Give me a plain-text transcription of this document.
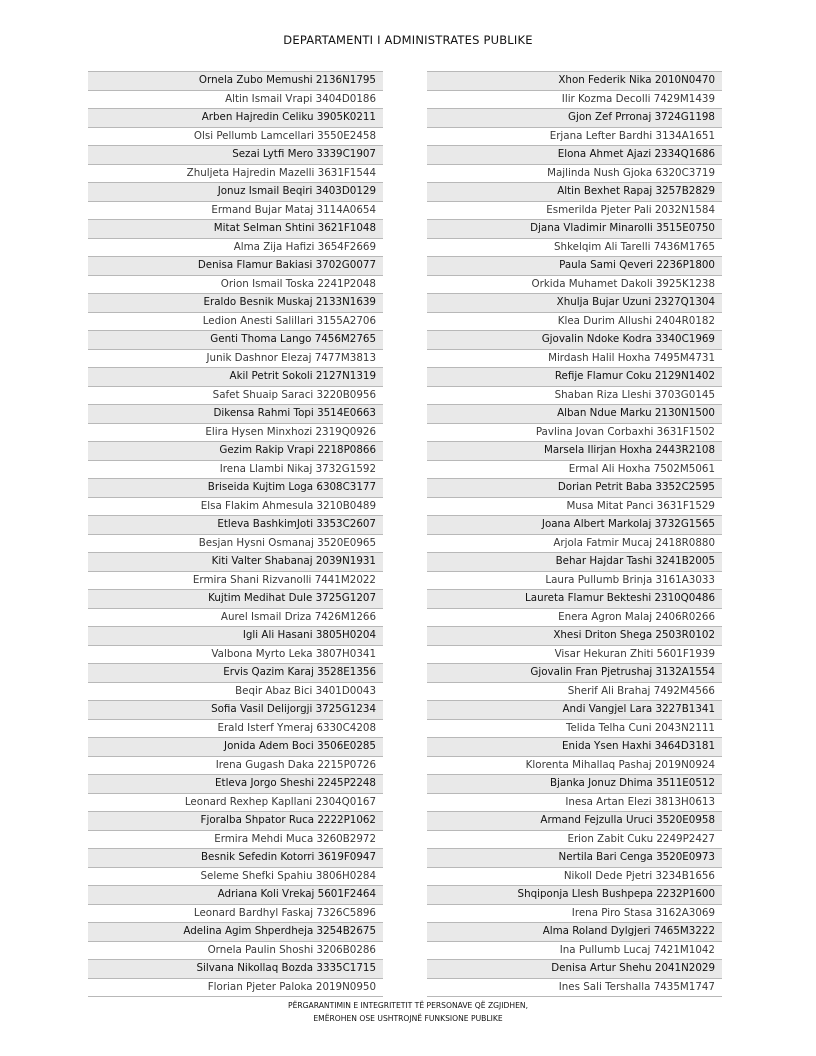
DEPARTAMENTI I ADMINISTRATES PUBLIKE
Ornela Zubo Memushi 2136N1795
Altin Ismail Vrapi 3404D0186
Arben Hajredin Celiku 3905K0211
Olsi Pellumb Lamcellari 3550E2458
Sezai Lytfi Mero 3339C1907
Zhuljeta Hajredin Mazelli 3631F1544
Jonuz Ismail Beqiri 3403D0129
Ermand Bujar Mataj 3114A0654
Mitat Selman Shtini 3621F1048
Alma Zija Hafizi 3654F2669
Denisa Flamur Bakiasi 3702G0077
Orion Ismail Toska 2241P2048
Eraldo Besnik Muskaj 2133N1639
Ledion Anesti Salillari 3155A2706
Genti Thoma Lango 7456M2765
Junik Dashnor Elezaj 7477M3813
Akil Petrit Sokoli 2127N1319
Safet Shuaip Saraci 3220B0956
Dikensa Rahmi Topi 3514E0663
Elira Hysen Minxhozi 2319Q0926
Gezim Rakip Vrapi 2218P0866
Irena Llambi Nikaj 3732G1592
Briseida Kujtim Loga 6308C3177
Elsa Flakim Ahmesula 3210B0489
Etleva BashkimJoti 3353C2607
Besjan Hysni Osmanaj 3520E0965
Kiti Valter Shabanaj 2039N1931
Ermira Shani Rizvanolli 7441M2022
Kujtim Medihat Dule 3725G1207
Aurel Ismail Driza 7426M1266
Igli Ali Hasani 3805H0204
Valbona Myrto Leka 3807H0341
Ervis Qazim Karaj 3528E1356
Beqir Abaz Bici 3401D0043
Sofia Vasil Delijorgji 3725G1234
Erald Isterf Ymeraj 6330C4208
Jonida Adem Boci 3506E0285
Irena Gugash Daka 2215P0726
Etleva Jorgo Sheshi 2245P2248
Leonard Rexhep Kapllani 2304Q0167
Fjoralba Shpator Ruca 2222P1062
Ermira Mehdi Muca 3260B2972
Besnik Sefedin Kotorri 3619F0947
Seleme Shefki Spahiu 3806H0284
Adriana Koli Vrekaj 5601F2464
Leonard Bardhyl Faskaj 7326C5896
Adelina Agim Shperdheja 3254B2675
Ornela Paulin Shoshi 3206B0286
Silvana Nikollaq Bozda 3335C1715
Florian Pjeter Paloka 2019N0950
Xhon Federik Nika 2010N0470
Ilir Kozma Decolli 7429M1439
Gjon Zef Prronaj 3724G1198
Erjana Lefter Bardhi 3134A1651
Elona Ahmet Ajazi 2334Q1686
Majlinda Nush Gjoka 6320C3719
Altin Bexhet Rapaj 3257B2829
Esmerilda Pjeter Pali 2032N1584
Djana Vladimir Minarolli 3515E0750
Shkelqim Ali Tarelli 7436M1765
Paula Sami Qeveri 2236P1800
Orkida Muhamet Dakoli 3925K1238
Xhulja Bujar Uzuni 2327Q1304
Klea Durim Allushi 2404R0182
Gjovalin Ndoke Kodra 3340C1969
Mirdash Halil Hoxha 7495M4731
Refije Flamur Coku 2129N1402
Shaban Riza Lleshi 3703G0145
Alban Ndue Marku 2130N1500
Pavlina Jovan Corbaxhi 3631F1502
Marsela Ilirjan Hoxha 2443R2108
Ermal Ali Hoxha 7502M5061
Dorian Petrit Baba 3352C2595
Musa Mitat Panci 3631F1529
Joana Albert Markolaj 3732G1565
Arjola Fatmir Mucaj 2418R0880
Behar Hajdar Tashi 3241B2005
Laura Pullumb Brinja 3161A3033
Laureta Flamur Bekteshi 2310Q0486
Enera Agron Malaj 2406R0266
Xhesi Driton Shega 2503R0102
Visar Hekuran Zhiti 5601F1939
Gjovalin Fran Pjetrushaj 3132A1554
Sherif Ali Brahaj 7492M4566
Andi Vangjel Lara 3227B1341
Telida Telha Cuni 2043N2111
Enida Ysen Haxhi 3464D3181
Klorenta Mihallaq Pashaj 2019N0924
Bjanka Jonuz Dhima 3511E0512
Inesa Artan Elezi 3813H0613
Armand Fejzulla Uruci 3520E0958
Erion Zabit Cuku 2249P2427
Nertila Bari Cenga 3520E0973
Nikoll Dede Pjetri 3234B1656
Shqiponja Llesh Bushpepa 2232P1600
Irena Piro Stasa 3162A3069
Alma Roland Dylgjeri 7465M3222
Ina Pullumb Lucaj 7421M1042
Denisa Artur Shehu 2041N2029
Ines Sali Tershalla 7435M1747
PËRGARANTIMIN E INTEGRITETIT TË PERSONAVE QË ZGJIDHEN,
EMËROHEN OSE USHTROJNË FUNKSIONE PUBLIKE
